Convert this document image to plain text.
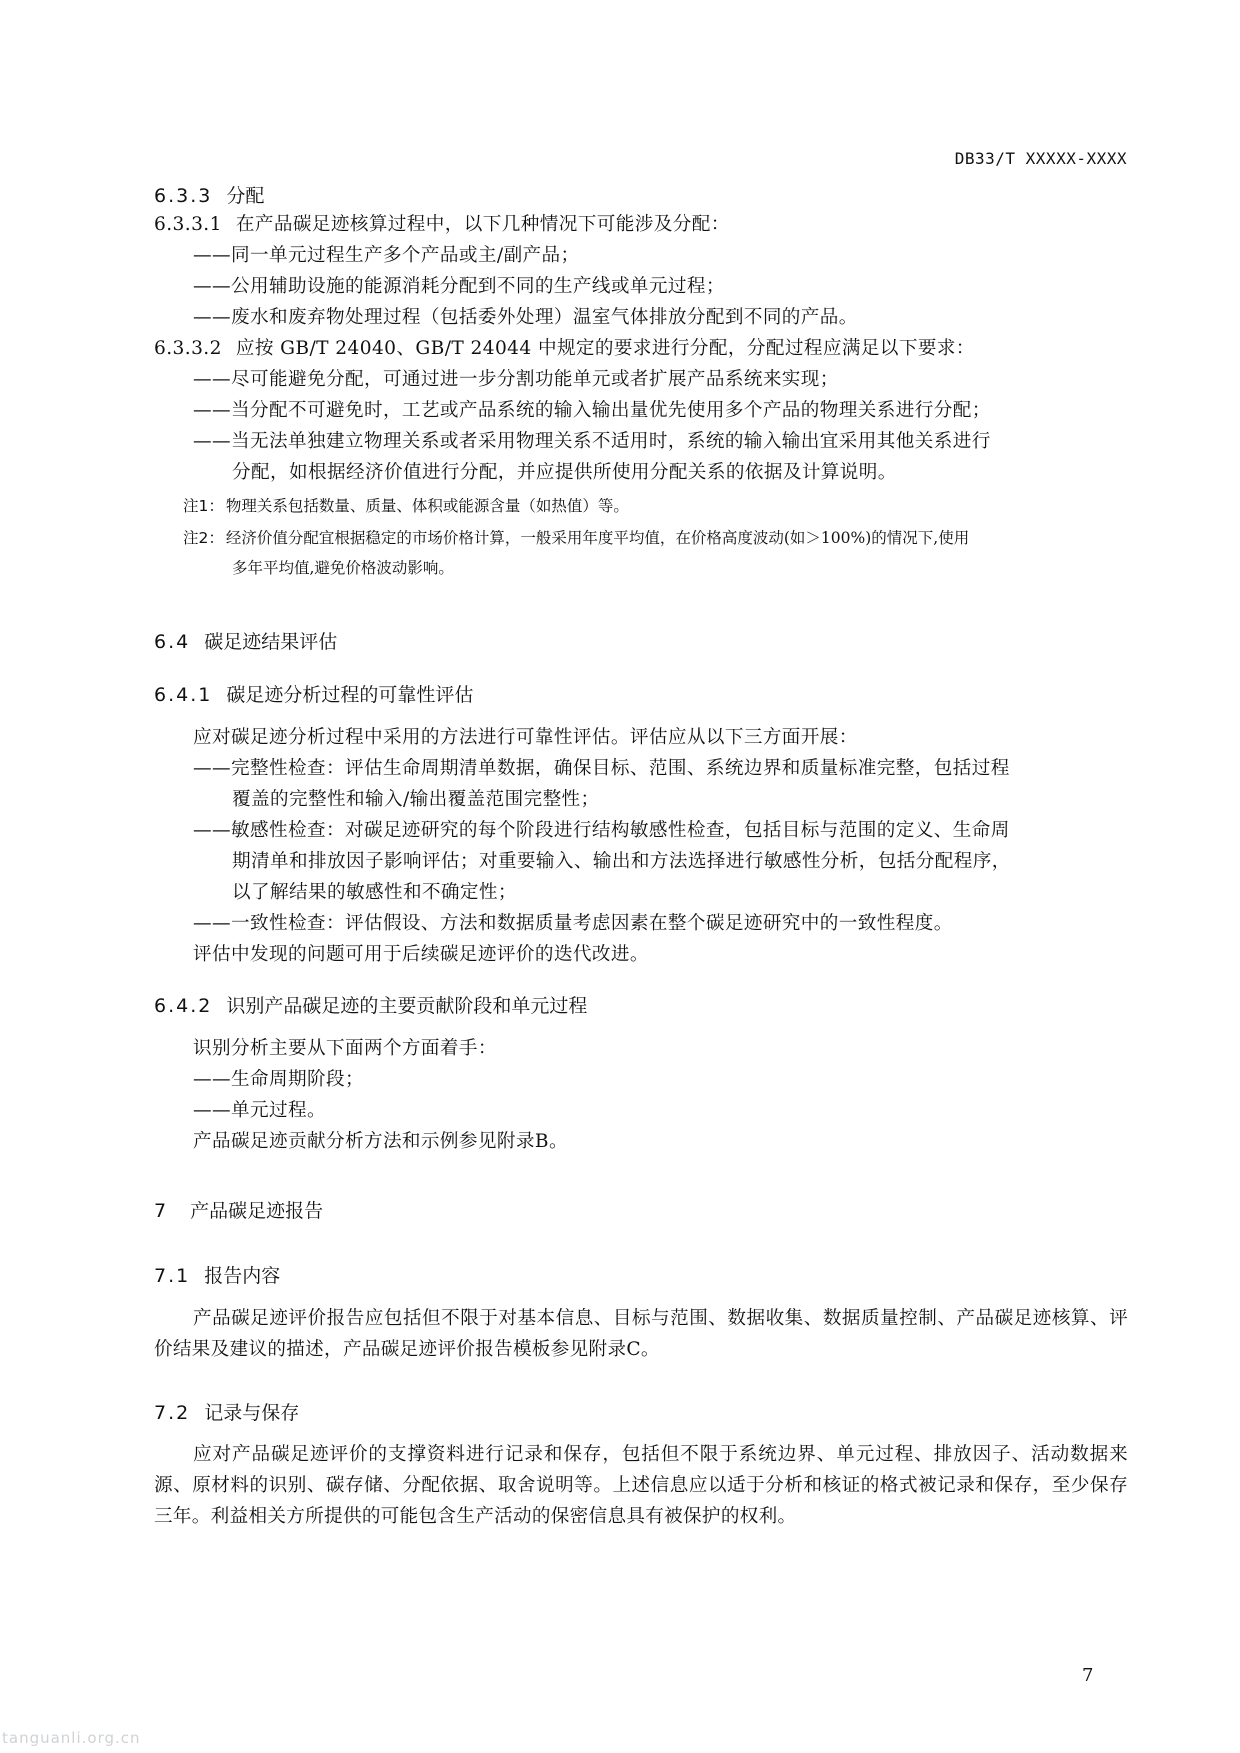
DB33/T XXXXX-XXXX
6.3.3 分配
6.3.3.1 在产品碳足迹核算过程中，以下几种情况下可能涉及分配：
——同一单元过程生产多个产品或主/副产品；
——公用辅助设施的能源消耗分配到不同的生产线或单元过程；
——废水和废弃物处理过程（包括委外处理）温室气体排放分配到不同的产品。
6.3.3.2 应按 GB/T 24040、GB/T 24044 中规定的要求进行分配，分配过程应满足以下要求：
——尽可能避免分配，可通过进一步分割功能单元或者扩展产品系统来实现；
——当分配不可避免时，工艺或产品系统的输入输出量优先使用多个产品的物理关系进行分配；
——当无法单独建立物理关系或者采用物理关系不适用时，系统的输入输出宜采用其他关系进行
分配，如根据经济价值进行分配，并应提供所使用分配关系的依据及计算说明。
注1： 物理关系包括数量、质量、体积或能源含量（如热值）等。
注2： 经济价值分配宜根据稳定的市场价格计算，一般采用年度平均值，在价格高度波动(如＞100%)的情况下,使用
多年平均值,避免价格波动影响。
6.4 碳足迹结果评估
6.4.1 碳足迹分析过程的可靠性评估
应对碳足迹分析过程中采用的方法进行可靠性评估。评估应从以下三方面开展：
——完整性检查：评估生命周期清单数据，确保目标、范围、系统边界和质量标准完整，包括过程
覆盖的完整性和输入/输出覆盖范围完整性；
——敏感性检查：对碳足迹研究的每个阶段进行结构敏感性检查，包括目标与范围的定义、生命周
期清单和排放因子影响评估；对重要输入、输出和方法选择进行敏感性分析，包括分配程序，
以了解结果的敏感性和不确定性；
——一致性检查：评估假设、方法和数据质量考虑因素在整个碳足迹研究中的一致性程度。
评估中发现的问题可用于后续碳足迹评价的迭代改进。
6.4.2 识别产品碳足迹的主要贡献阶段和单元过程
识别分析主要从下面两个方面着手：
——生命周期阶段；
——单元过程。
产品碳足迹贡献分析方法和示例参见附录B。
7 产品碳足迹报告
7.1 报告内容
产品碳足迹评价报告应包括但不限于对基本信息、目标与范围、数据收集、数据质量控制、产品碳足迹核算、评价结果及建议的描述，产品碳足迹评价报告模板参见附录C。
7.2 记录与保存
应对产品碳足迹评价的支撑资料进行记录和保存，包括但不限于系统边界、单元过程、排放因子、活动数据来源、原材料的识别、碳存储、分配依据、取舍说明等。上述信息应以适于分析和核证的格式被记录和保存，至少保存三年。利益相关方所提供的可能包含生产活动的保密信息具有被保护的权利。
7
tanguanli.org.cn
